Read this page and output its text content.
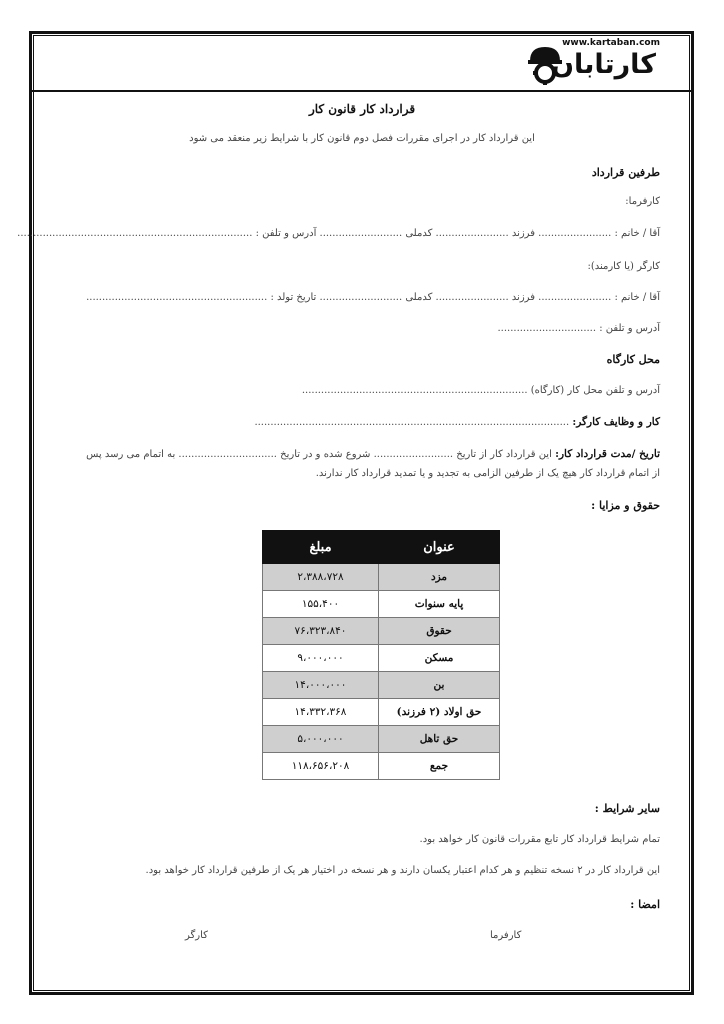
www.kartaban.com
کارتابان
قرارداد کار قانون کار
این قرارداد کار در اجرای مقررات فصل دوم قانون کار با شرایط زیر منعقد می شود
طرفین قرارداد
کارفرما:
آقا / خانم : ....................... فرزند ....................... کدملی .......................... آدرس و تلفن : ..........................................................................
کارگر (یا کارمند):
آقا / خانم : ....................... فرزند ....................... کدملی .......................... تاریخ تولد : .........................................................
آدرس و تلفن : ...............................
محل کارگاه
آدرس و تلفن محل کار (کارگاه) .......................................................................
کار و وظایف کارگر: ...................................................................................................
تاریخ /مدت قرارداد کار: این قرارداد کار از تاریخ ......................... شروع شده و در تاریخ ............................... به اتمام می رسد پس
از اتمام قرارداد کار هیچ یک از طرفین الزامی به تجدید و یا تمدید قرارداد کار ندارند.
حقوق و مزایا :
عنوان	مبلغ
مزد	۲،۳۸۸،۷۲۸
پایه سنوات	۱۵۵،۴۰۰
حقوق	۷۶،۳۲۳،۸۴۰
مسکن	۹،۰۰۰،۰۰۰
بن	۱۴،۰۰۰،۰۰۰
حق اولاد (۲ فرزند)	۱۴،۳۳۲،۳۶۸
حق تاهل	۵،۰۰۰،۰۰۰
جمع	۱۱۸،۶۵۶،۲۰۸
سایر شرایط :
تمام شرایط قرارداد کار تابع مقررات قانون کار خواهد بود.
این قرارداد کار در ۲ نسخه تنظیم و هر کدام اعتبار یکسان دارند و هر نسخه در اختیار هر یک از طرفین قرارداد کار خواهد بود.
امضا :
کارفرما
کارگر
